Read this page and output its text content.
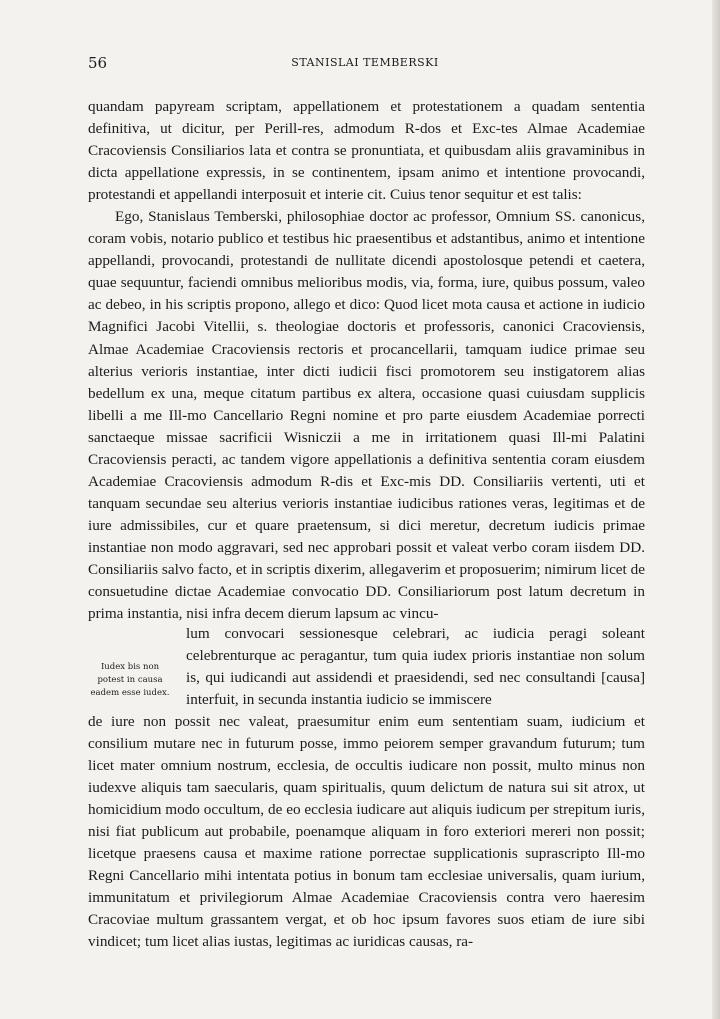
56	STANISLAI TEMBERSKI

quandam papyream scriptam, appellationem et protestationem a quadam sententia definitiva, ut dicitur, per Perill-res, admodum R-dos et Exc-tes Almae Academiae Cracoviensis Consiliarios lata et contra se pronuntiata, et quibusdam aliis gravaminibus in dicta appellatione expressis, in se continentem, ipsam animo et intentione provocandi, protestandi et appellandi interposuit et interie cit. Cuius tenor sequitur et est talis:

Ego, Stanislaus Temberski, philosophiae doctor ac professor, Omnium SS. canonicus, coram vobis, notario publico et testibus hic praesentibus et adstantibus, animo et intentione appellandi, provocandi, protestandi de nullitate dicendi apostolosque petendi et caetera, quae sequuntur, faciendi omnibus melioribus modis, via, forma, iure, quibus possum, valeo ac debeo, in his scriptis propono, allego et dico: Quod licet mota causa et actione in iudicio Magnifici Jacobi Vitellii, s. theologiae doctoris et professoris, canonici Cracoviensis, Almae Academiae Cracoviensis rectoris et procancellarii, tamquam iudice primae seu alterius verioris instantiae, inter dicti iudicii fisci promotorem seu instigatorem alias bedellum ex una, meque citatum partibus ex altera, occasione quasi cuiusdam supplicis libelli a me Ill-mo Cancellario Regni nomine et pro parte eiusdem Academiae porrecti sanctaeque missae sacrificii Wisniczii a me in irritationem quasi Ill-mi Palatini Cracoviensis peracti, ac tandem vigore appellationis a definitiva sententia coram eiusdem Academiae Cracoviensis admodum R-dis et Exc-mis DD. Consiliariis vertenti, uti et tanquam secundae seu alterius verioris instantiae iudicibus rationes veras, legitimas et de iure admissibiles, cur et quare praetensum, si dici meretur, decretum iudicis primae instantiae non modo aggravari, sed nec approbari possit et valeat verbo coram iisdem DD. Consiliariis salvo facto, et in scriptis dixerim, allegaverim et proposuerim; nimirum licet de consuetudine dictae Academiae convocatio DD. Consiliariorum post latum decretum in prima instantia, nisi infra decem dierum lapsum ac vincu-

Iudex bis non
potest in causa
eadem esse iudex.

lum convocari sessionesque celebrari, ac iudicia peragi soleant celebrenturque ac peragantur, tum quia iudex prioris instantiae non solum is, qui iudicandi aut assidendi et praesidendi, sed nec consultandi [causa] interfuit, in secunda instantia iudicio se immiscere

de iure non possit nec valeat, praesumitur enim eum sententiam suam, iudicium et consilium mutare nec in futurum posse, immo peiorem semper gravandum futurum; tum licet mater omnium nostrum, ecclesia, de occultis iudicare non possit, multo minus non iudexve aliquis tam saecularis, quam spiritualis, quum delictum de natura sui sit atrox, ut homicidium modo occultum, de eo ecclesia iudicare aut aliquis iudicum per strepitum iuris, nisi fiat publicum aut probabile, poenamque aliquam in foro exteriori mereri non possit; licetque praesens causa et maxime ratione porrectae supplicationis suprascripto Ill-mo Regni Cancellario mihi intentata potius in bonum tam ecclesiae universalis, quam iurium, immunitatum et privilegiorum Almae Academiae Cracoviensis contra vero haeresim Cracoviae multum grassantem vergat, et ob hoc ipsum favores suos etiam de iure sibi vindicet; tum licet alias iustas, legitimas ac iuridicas causas, ra-
